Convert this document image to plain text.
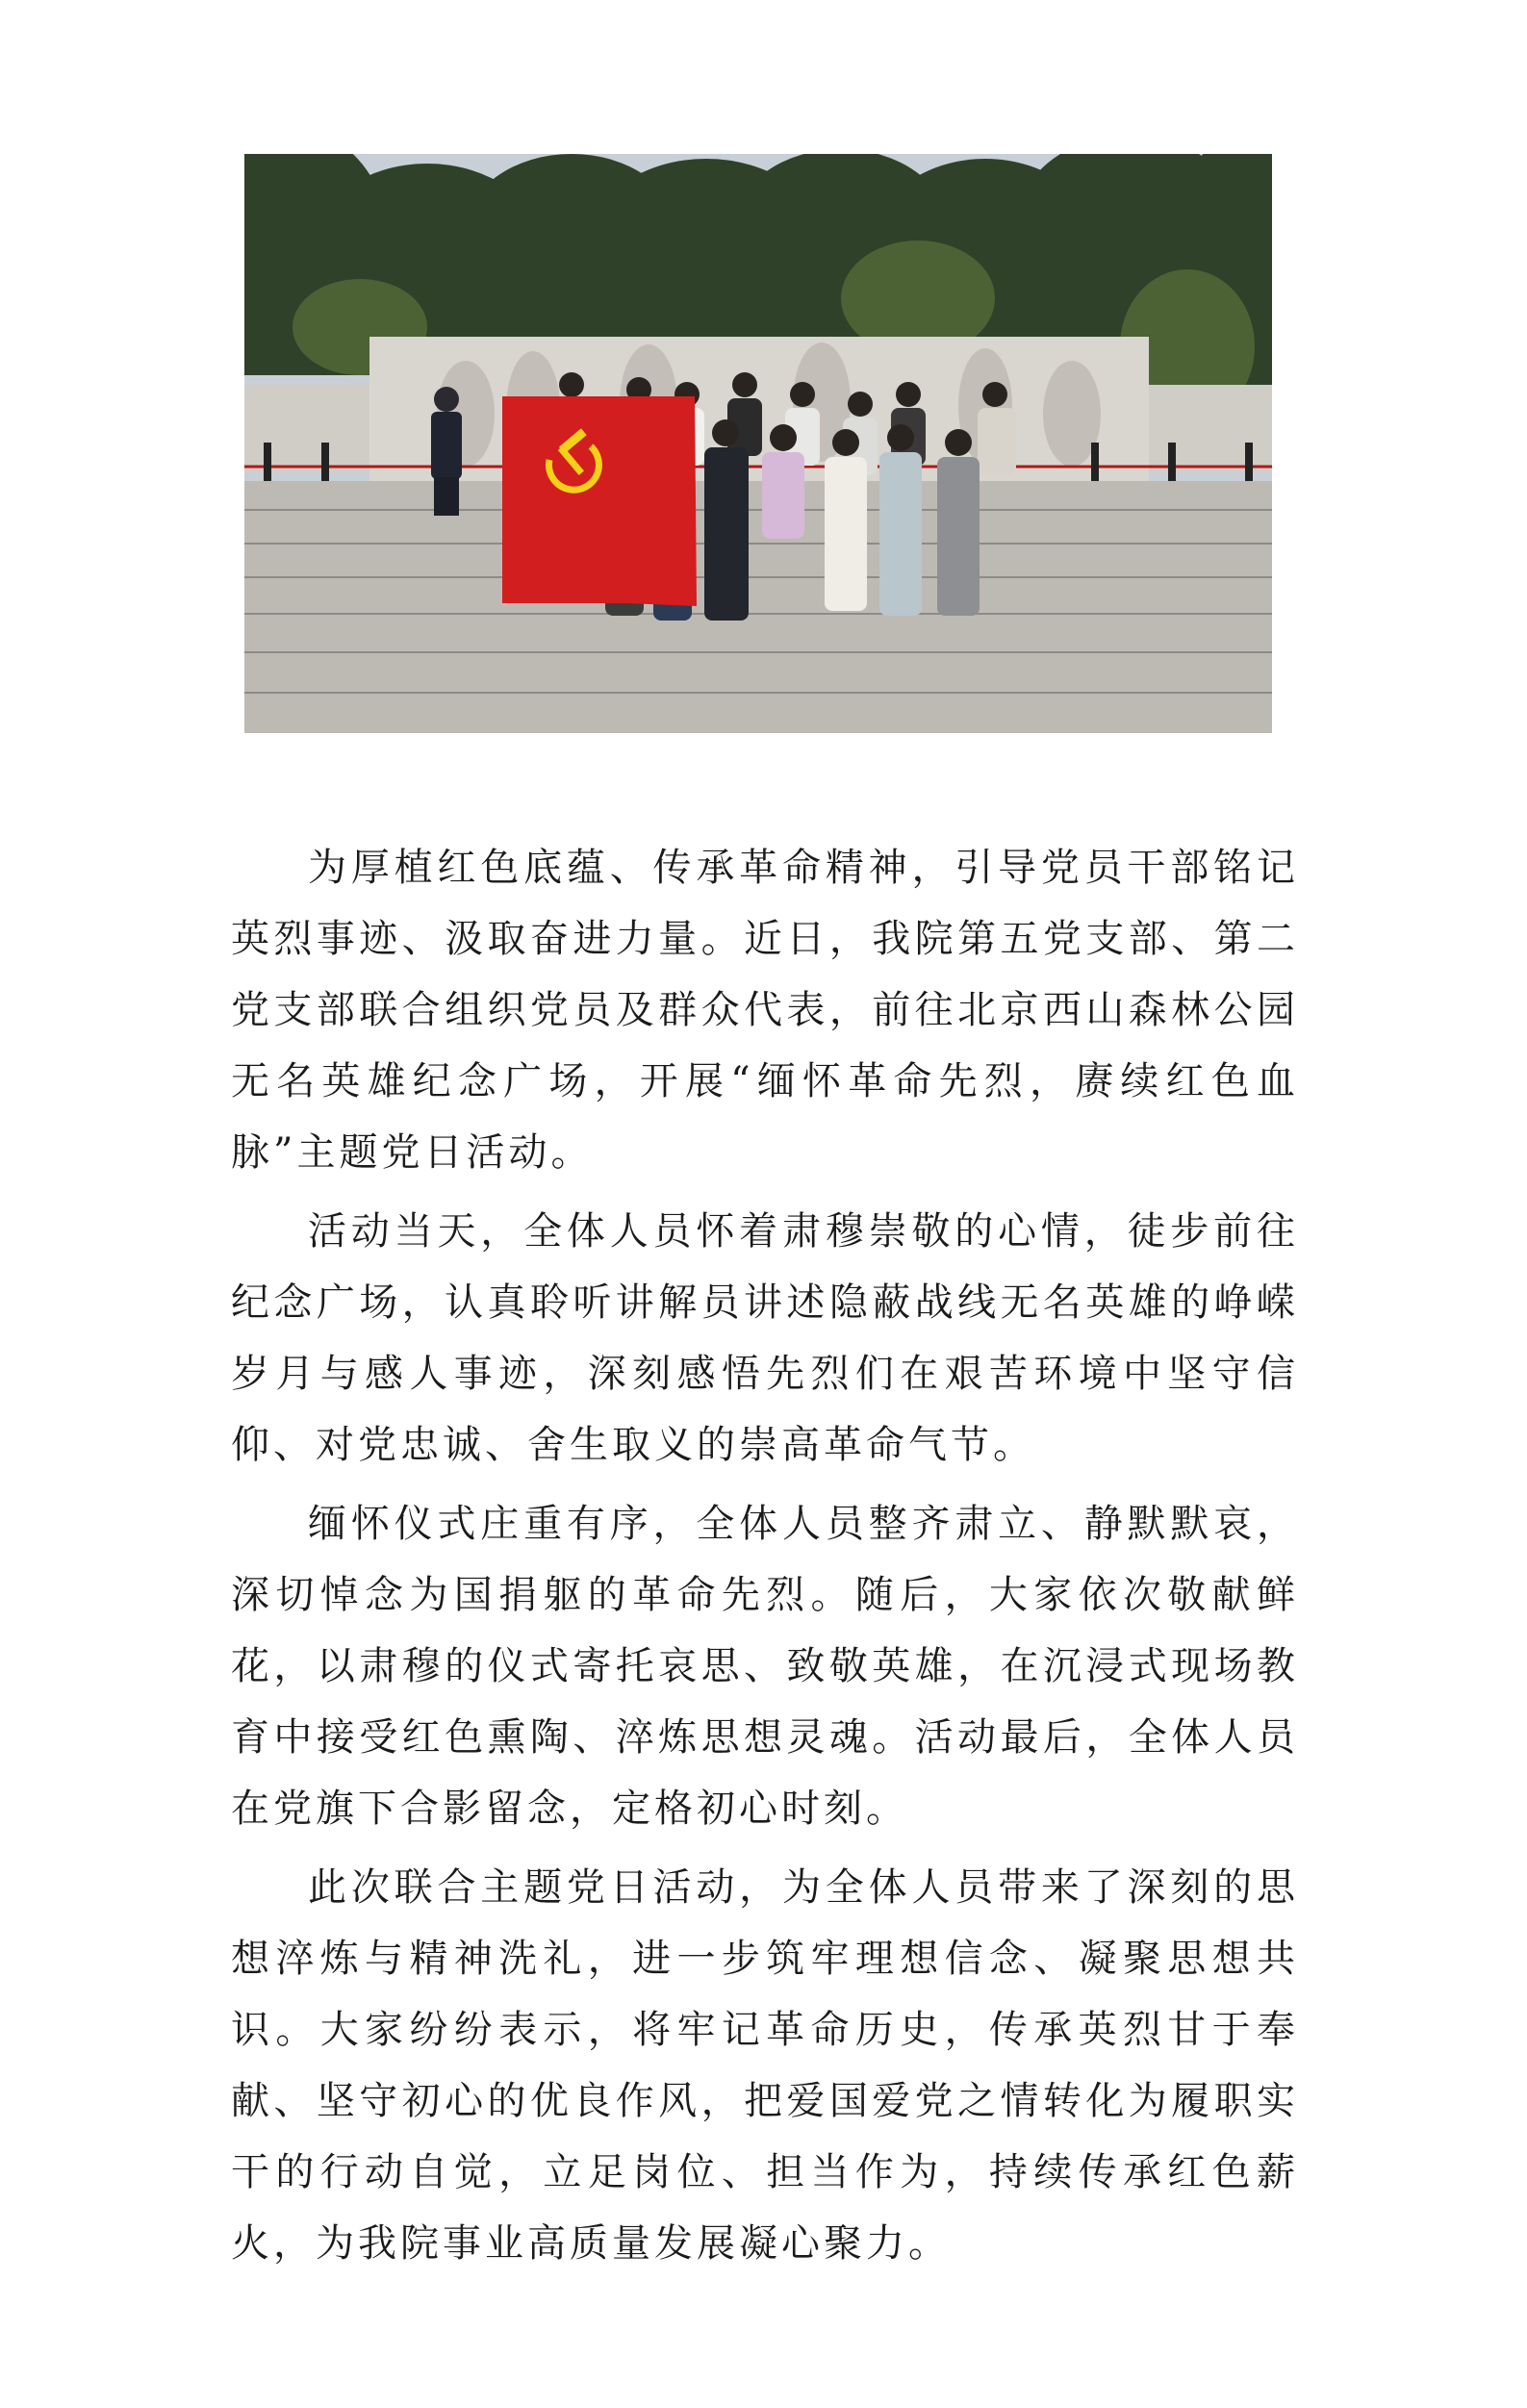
为厚植红色底蕴、传承革命精神，引导党员干部铭记英烈事迹、汲取奋进力量。近日，我院第五党支部、第二党支部联合组织党员及群众代表，前往北京西山森林公园无名英雄纪念广场，开展“缅怀革命先烈，赓续红色血脉”主题党日活动。

活动当天，全体人员怀着肃穆崇敬的心情，徒步前往纪念广场，认真聆听讲解员讲述隐蔽战线无名英雄的峥嵘岁月与感人事迹，深刻感悟先烈们在艰苦环境中坚守信仰、对党忠诚、舍生取义的崇高革命气节。

缅怀仪式庄重有序，全体人员整齐肃立、静默默哀，深切悼念为国捐躯的革命先烈。随后，大家依次敬献鲜花，以肃穆的仪式寄托哀思、致敬英雄，在沉浸式现场教育中接受红色熏陶、淬炼思想灵魂。活动最后，全体人员在党旗下合影留念，定格初心时刻。

此次联合主题党日活动，为全体人员带来了深刻的思想淬炼与精神洗礼，进一步筑牢理想信念、凝聚思想共识。大家纷纷表示，将牢记革命历史，传承英烈甘于奉献、坚守初心的优良作风，把爱国爱党之情转化为履职实干的行动自觉，立足岗位、担当作为，持续传承红色薪火，为我院事业高质量发展凝心聚力。
